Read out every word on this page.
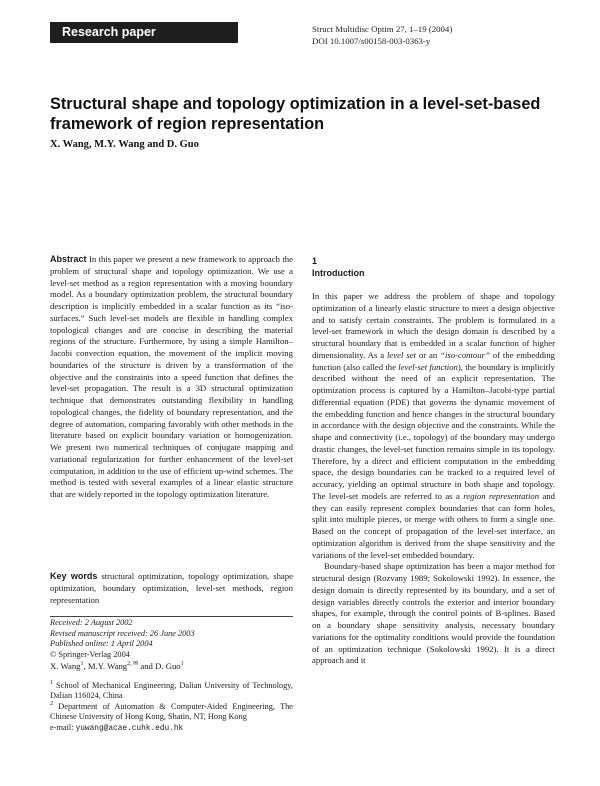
Research paper	Struct Multidisc Optim 27, 1–19 (2004)
DOI 10.1007/s00158-003-0363-y
Structural shape and topology optimization in a level-set-based
framework of region representation
X. Wang, M.Y. Wang and D. Guo
Abstract In this paper we present a new framework to approach the problem of structural shape and topology optimization. We use a level-set method as a region representation with a moving boundary model. As a boundary optimization problem, the structural boundary description is implicitly embedded in a scalar function as its “iso-surfaces.” Such level-set models are flexible in handling complex topological changes and are concise in describing the material regions of the structure. Furthermore, by using a simple Hamilton–Jacobi convection equation, the movement of the implicit moving boundaries of the structure is driven by a transformation of the objective and the constraints into a speed function that defines the level-set propagation. The result is a 3D structural optimization technique that demonstrates outstanding flexibility in handling topological changes, the fidelity of boundary representation, and the degree of automation, comparing favorably with other methods in the literature based on explicit boundary variation or homogenization. We present two numerical techniques of conjugate mapping and variational regularization for further enhancement of the level-set computation, in addition to the use of efficient up-wind schemes. The method is tested with several examples of a linear elastic structure that are widely reported in the topology optimization literature.
Key words structural optimization, topology optimization, shape optimization, boundary optimization, level-set methods, region representation
Received: 2 August 2002
Revised manuscript received: 26 June 2003
Published online: 1 April 2004
© Springer-Verlag 2004
X. Wang$^1$, M.Y. Wang$^{2, ✉}$ and D. Guo$^1$
$^1$ School of Mechanical Engineering, Dalian University of Technology, Dalian 116024, China
$^2$ Department of Automation & Computer-Aided Engineering, The Chinese University of Hong Kong, Shatin, NT, Hong Kong
e-mail: yuwang@acae.cuhk.edu.hk
1
Introduction

In this paper we address the problem of shape and topology optimization of a linearly elastic structure to meet a design objective and to satisfy certain constraints. The problem is formulated in a level-set framework in which the design domain is described by a structural boundary that is embedded in a scalar function of higher dimensionality. As a level set or an “iso-contour” of the embedding function (also called the level-set function), the boundary is implicitly described without the need of an explicit representation. The optimization process is captured by a Hamilton–Jacobi-type partial differential equation (PDE) that governs the dynamic movement of the embedding function and hence changes in the structural boundary in accordance with the design objective and the constraints. While the shape and connectivity (i.e., topology) of the boundary may undergo drastic changes, the level-set function remains simple in its topology. Therefore, by a direct and efficient computation in the embedding space, the design boundaries can be tracked to a required level of accuracy, yielding an optimal structure in both shape and topology. The level-set models are referred to as a region representation and they can easily represent complex boundaries that can form holes, split into multiple pieces, or merge with others to form a single one. Based on the concept of propagation of the level-set interface, an optimization algorithm is derived from the shape sensitivity and the variations of the level-set embedded boundary.

Boundary-based shape optimization has been a major method for structural design (Rozvany 1989; Sokolowski 1992). In essence, the design domain is directly represented by its boundary, and a set of design variables directly controls the exterior and interior boundary shapes, for example, through the control points of B-splines. Based on a boundary shape sensitivity analysis, necessary boundary variations for the optimality conditions would provide the foundation of an optimization technique (Sokolowski 1992). It is a direct approach and it
